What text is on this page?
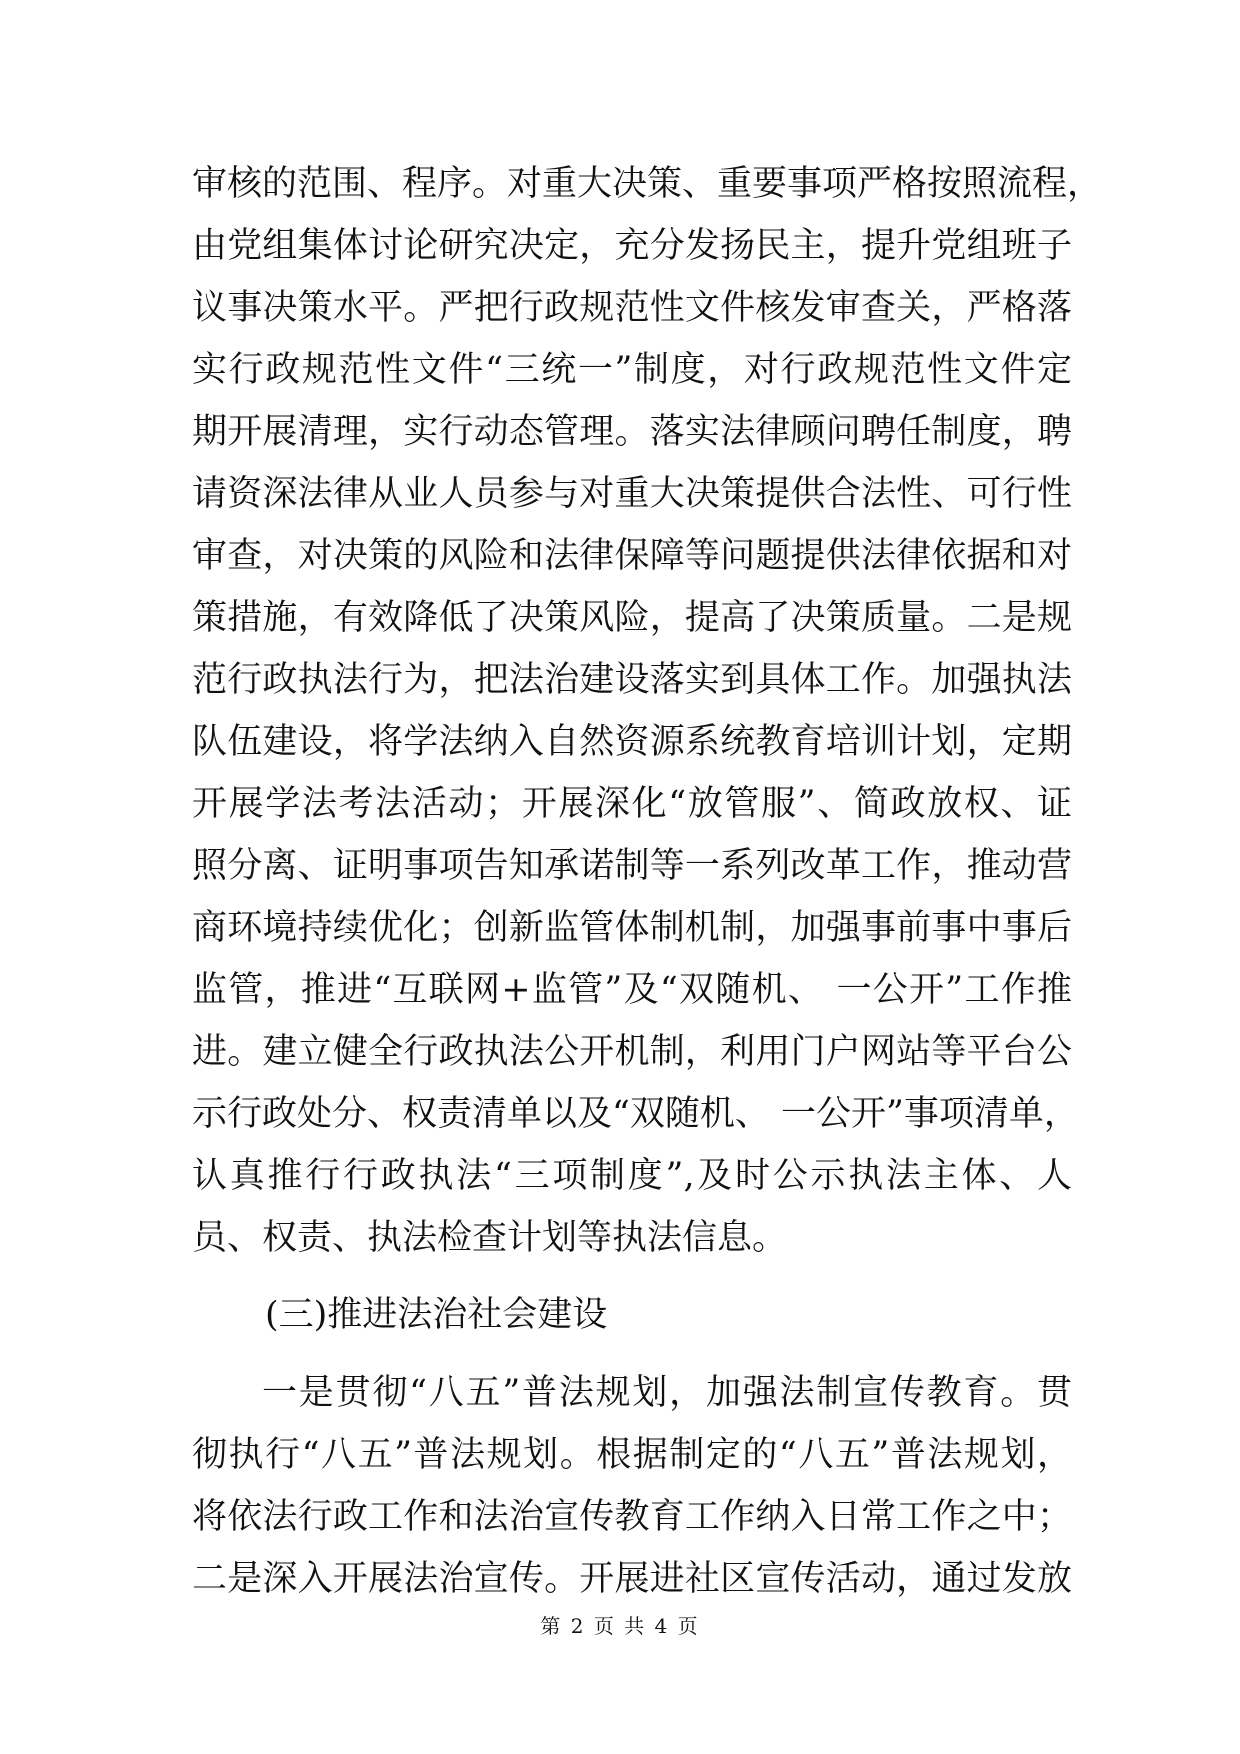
审核的范围、程序。对重大决策、重要事项严格按照流程，
由党组集体讨论研究决定，充分发扬民主，提升党组班子
议事决策水平。严把行政规范性文件核发审查关，严格落
实行政规范性文件“三统一”制度，对行政规范性文件定
期开展清理，实行动态管理。落实法律顾问聘任制度，聘
请资深法律从业人员参与对重大决策提供合法性、可行性
审查，对决策的风险和法律保障等问题提供法律依据和对
策措施，有效降低了决策风险，提高了决策质量。二是规
范行政执法行为，把法治建设落实到具体工作。加强执法
队伍建设，将学法纳入自然资源系统教育培训计划，定期
开展学法考法活动；开展深化“放管服”、简政放权、证
照分离、证明事项告知承诺制等一系列改革工作，推动营
商环境持续优化；创新监管体制机制，加强事前事中事后
监管，推进“互联网+监管”及“双随机、 一公开”工作推
进。建立健全行政执法公开机制，利用门户网站等平台公
示行政处分、权责清单以及“双随机、 一公开”事项清单，
认真推行行政执法“三项制度”,及时公示执法主体、人
员、权责、执法检查计划等执法信息。
(三)推进法治社会建设
一是贯彻“八五”普法规划，加强法制宣传教育。贯
彻执行“八五”普法规划。根据制定的“八五”普法规划，
将依法行政工作和法治宣传教育工作纳入日常工作之中；
二是深入开展法治宣传。开展进社区宣传活动，通过发放
第 2 页 共 4 页
